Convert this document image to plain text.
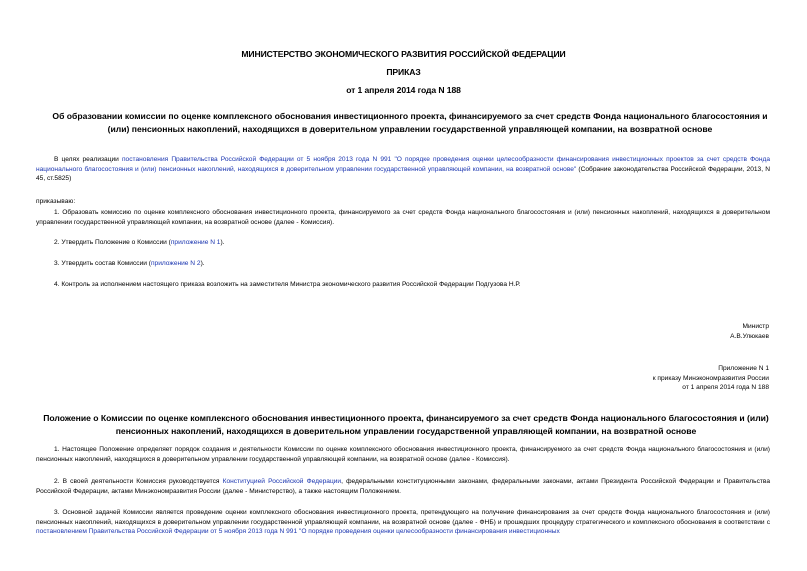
МИНИСТЕРСТВО ЭКОНОМИЧЕСКОГО РАЗВИТИЯ РОССИЙСКОЙ ФЕДЕРАЦИИ
ПРИКАЗ
от 1 апреля 2014 года N 188
Об образовании комиссии по оценке комплексного обоснования инвестиционного проекта, финансируемого за счет средств Фонда национального благосостояния и (или) пенсионных накоплений, находящихся в доверительном управлении государственной управляющей компании, на возвратной основе
В целях реализации постановления Правительства Российской Федерации от 5 ноября 2013 года N 991 "О порядке проведения оценки целесообразности финансирования инвестиционных проектов за счет средств Фонда национального благосостояния и (или) пенсионных накоплений, находящихся в доверительном управлении государственной управляющей компании, на возвратной основе" (Собрание законодательства Российской Федерации, 2013, N 45, ст.5825)
приказываю:
1. Образовать комиссию по оценке комплексного обоснования инвестиционного проекта, финансируемого за счет средств Фонда национального благосостояния и (или) пенсионных накоплений, находящихся в доверительном управлении государственной управляющей компании, на возвратной основе (далее - Комиссия).
2. Утвердить Положение о Комиссии (приложение N 1).
3. Утвердить состав Комиссии (приложение N 2).
4. Контроль за исполнением настоящего приказа возложить на заместителя Министра экономического развития Российской Федерации Подгузова Н.Р.
Министр
А.В.Улюкаев
Приложение N 1
к приказу Минэкономразвития России
от 1 апреля 2014 года N 188
Положение о Комиссии по оценке комплексного обоснования инвестиционного проекта, финансируемого за счет средств Фонда национального благосостояния и (или) пенсионных накоплений, находящихся в доверительном управлении государственной управляющей компании, на возвратной основе
1. Настоящее Положение определяет порядок создания и деятельности Комиссии по оценке комплексного обоснования инвестиционного проекта, финансируемого за счет средств Фонда национального благосостояния и (или) пенсионных накоплений, находящихся в доверительном управлении государственной управляющей компании, на возвратной основе (далее - Комиссия).
2. В своей деятельности Комиссия руководствуется Конституцией Российской Федерации, федеральными конституционными законами, федеральными законами, актами Президента Российской Федерации и Правительства Российской Федерации, актами Минэкономразвития России (далее - Министерство), а также настоящим Положением.
3. Основной задачей Комиссии является проведение оценки комплексного обоснования инвестиционного проекта, претендующего на получение финансирования за счет средств Фонда национального благосостояния и (или) пенсионных накоплений, находящихся в доверительном управлении государственной управляющей компании, на возвратной основе (далее - ФНБ) и прошедших процедуру стратегического и комплексного обоснования в соответствии с постановлением Правительства Российской Федерации от 5 ноября 2013 года N 991 "О порядке проведения оценки целесообразности финансирования инвестиционных
